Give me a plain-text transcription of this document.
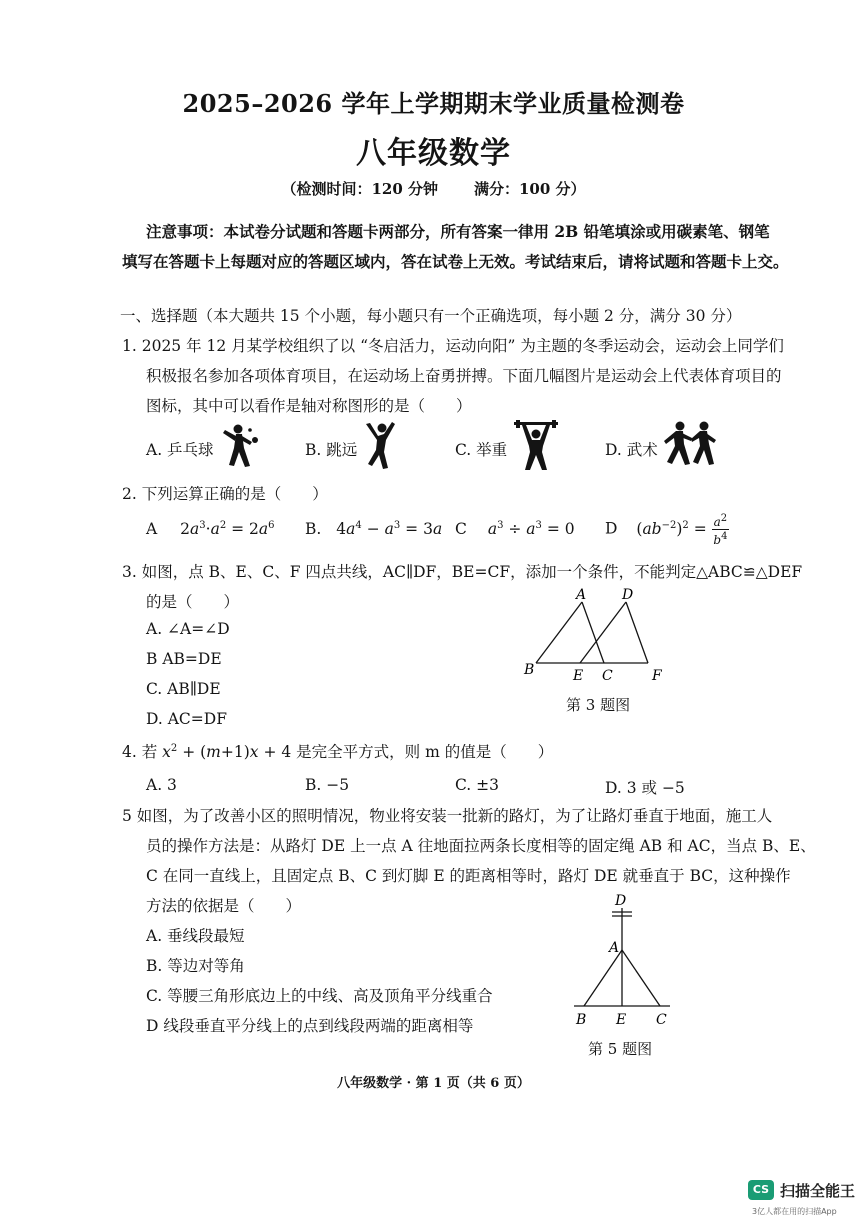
2025–2026 学年上学期期末学业质量检测卷
八年级数学
（检测时间：120 分钟 满分：100 分）
注意事项：本试卷分试题和答题卡两部分，所有答案一律用 2B 铅笔填涂或用碳素笔、钢笔
填写在答题卡上每题对应的答题区域内，答在试卷上无效。考试结束后，请将试题和答题卡上交。
一、选择题（本大题共 15 个小题，每小题只有一个正确选项，每小题 2 分，满分 30 分）
1. 2025 年 12 月某学校组织了以 “冬启活力，运动向阳” 为主题的冬季运动会，运动会上同学们
积极报名参加各项体育项目，在运动场上奋勇拼搏。下面几幅图片是运动会上代表体育项目的
图标，其中可以看作是轴对称图形的是（　　）
A. 乒乓球	B. 跳远	C. 举重	D. 武术
2. 下列运算正确的是（　　）
A $2a^3\cdot a^2 = 2a^6$ B. $4a^4 - a^3 = 3a$ C $a^3 \div a^3 = 0$ D $(ab^{-2})^2 = \frac{a^2}{b^4}$
3. 如图，点 B、E、C、F 四点共线，AC∥DF，BE=CF，添加一个条件，不能判定△ABC≌△DEF
的是（　　）
A. ∠A=∠D
B AB=DE
C. AB∥DE
D. AC=DF
A	D
B	E C	F
第 3 题图
4. 若 $x^2 + (m+1)x + 4$ 是完全平方式，则 m 的值是（　　）
A. 3	B. −5	C. ±3	D. 3 或 −5
5 如图，为了改善小区的照明情况，物业将安装一批新的路灯，为了让路灯垂直于地面，施工人
员的操作方法是：从路灯 DE 上一点 A 往地面拉两条长度相等的固定绳 AB 和 AC，当点 B、E、
C 在同一直线上，且固定点 B、C 到灯脚 E 的距离相等时，路灯 DE 就垂直于 BC，这种操作
方法的依据是（　　）
A. 垂线段最短
B. 等边对等角
C. 等腰三角形底边上的中线、高及顶角平分线重合
D 线段垂直平分线上的点到线段两端的距离相等
D
A
B E C
第 5 题图
八年级数学 · 第 1 页（共 6 页）
CS 扫描全能王
3亿人都在用的扫描App
